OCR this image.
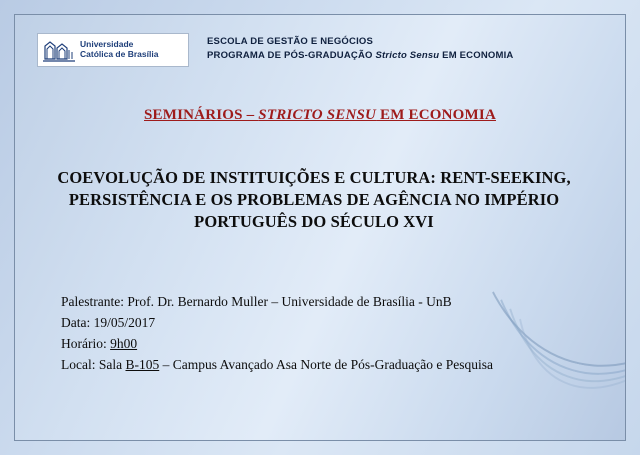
Universidade
Católica de Brasília
ESCOLA DE GESTÃO E NEGÓCIOS
PROGRAMA DE PÓS-GRADUAÇÃO Stricto Sensu EM ECONOMIA
SEMINÁRIOS – STRICTO SENSU EM ECONOMIA
COEVOLUÇÃO DE INSTITUIÇÕES E CULTURA: RENT-SEEKING,
PERSISTÊNCIA E OS PROBLEMAS DE AGÊNCIA NO IMPÉRIO
PORTUGUÊS DO SÉCULO XVI
Palestrante: Prof. Dr. Bernardo Muller – Universidade de Brasília - UnB
Data: 19/05/2017
Horário: 9h00
Local: Sala B-105 – Campus Avançado Asa Norte de Pós-Graduação e Pesquisa
